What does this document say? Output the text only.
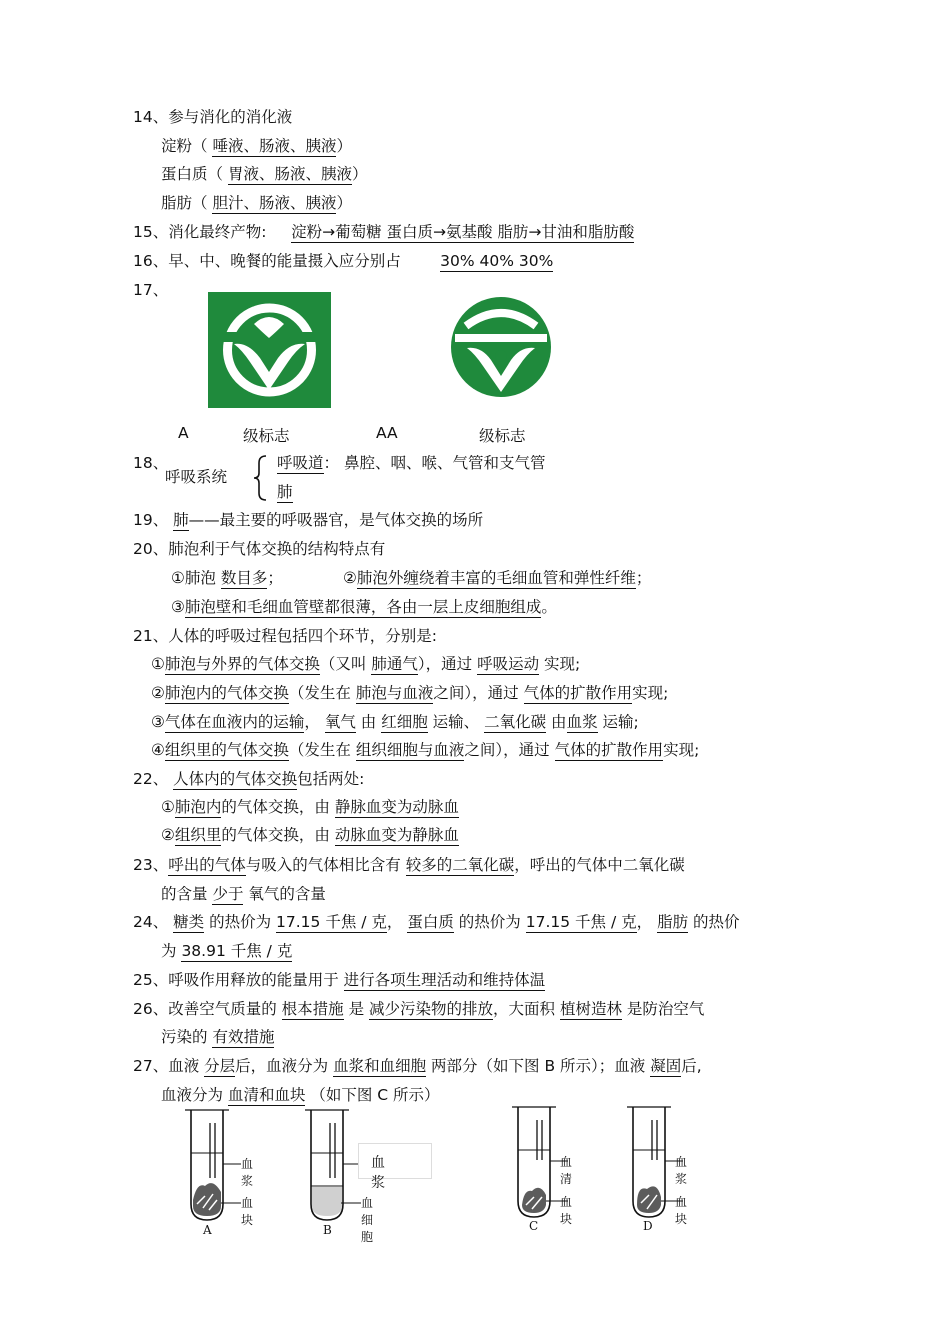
14、参与消化的消化液
淀粉（ 唾液、肠液、胰液）
蛋白质（ 胃液、肠液、胰液）
脂肪（ 胆汁、肠液、胰液）
15、消化最终产物: 淀粉→葡萄糖 蛋白质→氨基酸 脂肪→甘油和脂肪酸
16、早、中、晚餐的能量摄入应分别占	30% 40% 30%
17、
A	级标志	AA	级标志
18、
呼吸系统
呼吸道： 鼻腔、咽、喉、气管和支气管
肺
19、 肺——最主要的呼吸器官，是气体交换的场所
20、肺泡利于气体交换的结构特点有
①肺泡 数目多；	②肺泡外缠绕着丰富的毛细血管和弹性纤维；
③肺泡壁和毛细血管壁都很薄，各由一层上皮细胞组成。
21、人体的呼吸过程包括四个环节，分别是:
①肺泡与外界的气体交换（又叫 肺通气），通过 呼吸运动 实现;
②肺泡内的气体交换（发生在 肺泡与血液之间），通过 气体的扩散作用实现;
③气体在血液内的运输， 氧气 由 红细胞 运输、 二氧化碳 由血浆 运输;
④组织里的气体交换（发生在 组织细胞与血液之间），通过 气体的扩散作用实现;
22、 人体内的气体交换包括两处:
①肺泡内的气体交换，由 静脉血变为动脉血
②组织里的气体交换，由 动脉血变为静脉血
23、呼出的气体与吸入的气体相比含有 较多的二氧化碳，呼出的气体中二氧化碳
的含量 少于 氧气的含量
24、 糖类 的热价为 17.15 千焦 / 克， 蛋白质 的热价为 17.15 千焦 / 克， 脂肪 的热价
为 38.91 千焦 / 克
25、呼吸作用释放的能量用于 进行各项生理活动和维持体温
26、改善空气质量的 根本措施 是 减少污染物的排放，大面积 植树造林 是防治空气
污染的 有效措施
27、血液 分层后，血液分为 血浆和血细胞 两部分（如下图 B 所示）；血液 凝固后,
血液分为 血清和血块 （如下图 C 所示）
血浆
血块
A
血浆
血细胞
B
血清
血块
C
血浆
血块
D
